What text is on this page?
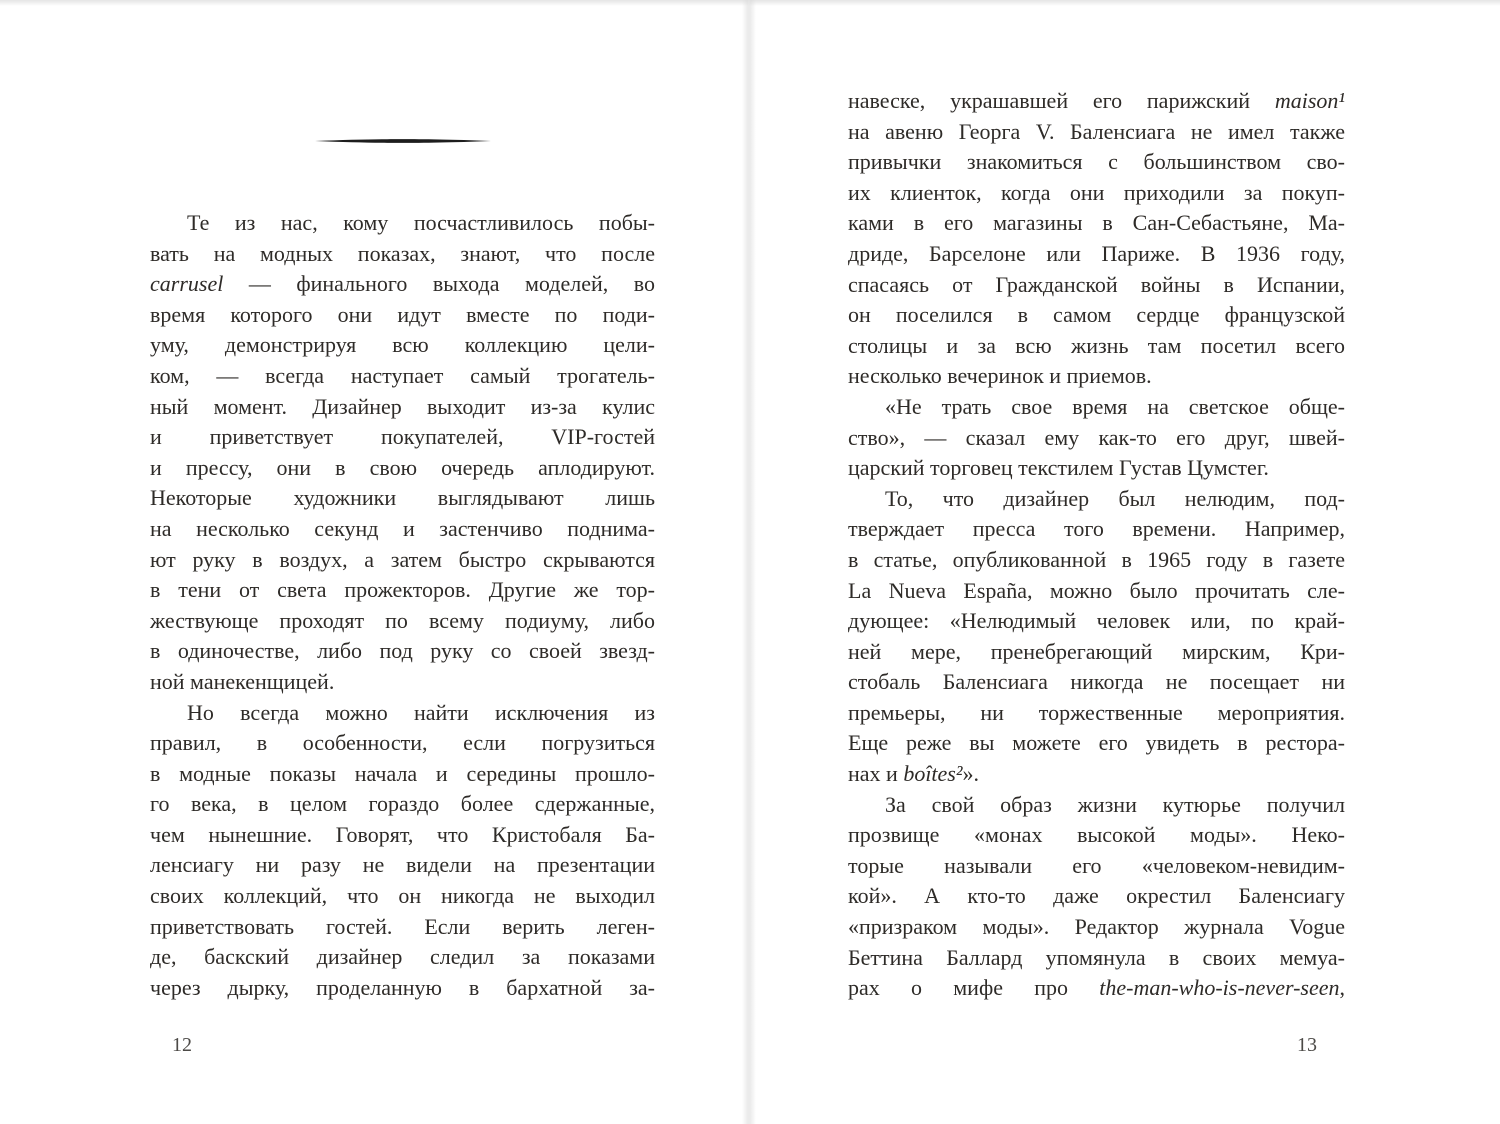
Те из нас, кому посчастливилось побы-
вать на модных показах, знают, что после
carrusel — финального выхода моделей, во
время которого они идут вместе по поди-
уму, демонстрируя всю коллекцию цели-
ком, — всегда наступает самый трогатель-
ный момент. Дизайнер выходит из-за кулис
и приветствует покупателей, VIP-гостей
и прессу, они в свою очередь аплодируют.
Некоторые художники выглядывают лишь
на несколько секунд и застенчиво поднима-
ют руку в воздух, а затем быстро скрываются
в тени от света прожекторов. Другие же тор-
жествующе проходят по всему подиуму, либо
в одиночестве, либо под руку со своей звезд-
ной манекенщицей.
Но всегда можно найти исключения из
правил, в особенности, если погрузиться
в модные показы начала и середины прошло-
го века, в целом гораздо более сдержанные,
чем нынешние. Говорят, что Кристобаля Ба-
ленсиагу ни разу не видели на презентации
своих коллекций, что он никогда не выходил
приветствовать гостей. Если верить леген-
де, баскский дизайнер следил за показами
через дырку, проделанную в бархатной за-
12
навеске, украшавшей его парижский maison¹
на авеню Георга V. Баленсиага не имел также
привычки знакомиться с большинством сво-
их клиенток, когда они приходили за покуп-
ками в его магазины в Сан-Себастьяне, Ма-
дриде, Барселоне или Париже. В 1936 году,
спасаясь от Гражданской войны в Испании,
он поселился в самом сердце французской
столицы и за всю жизнь там посетил всего
несколько вечеринок и приемов.
«Не трать свое время на светское обще-
ство», — сказал ему как-то его друг, швей-
царский торговец текстилем Густав Цумстег.
То, что дизайнер был нелюдим, под-
тверждает пресса того времени. Например,
в статье, опубликованной в 1965 году в газете
La Nueva España, можно было прочитать сле-
дующее: «Нелюдимый человек или, по край-
ней мере, пренебрегающий мирским, Кри-
стобаль Баленсиага никогда не посещает ни
премьеры, ни торжественные мероприятия.
Еще реже вы можете его увидеть в рестора-
нах и boîtes²».
За свой образ жизни кутюрье получил
прозвище «монах высокой моды». Неко-
торые называли его «человеком-невидим-
кой». А кто-то даже окрестил Баленсиагу
«призраком моды». Редактор журнала Vogue
Беттина Баллард упомянула в своих мемуа-
рах о мифе про the-man-who-is-never-seen,
13
